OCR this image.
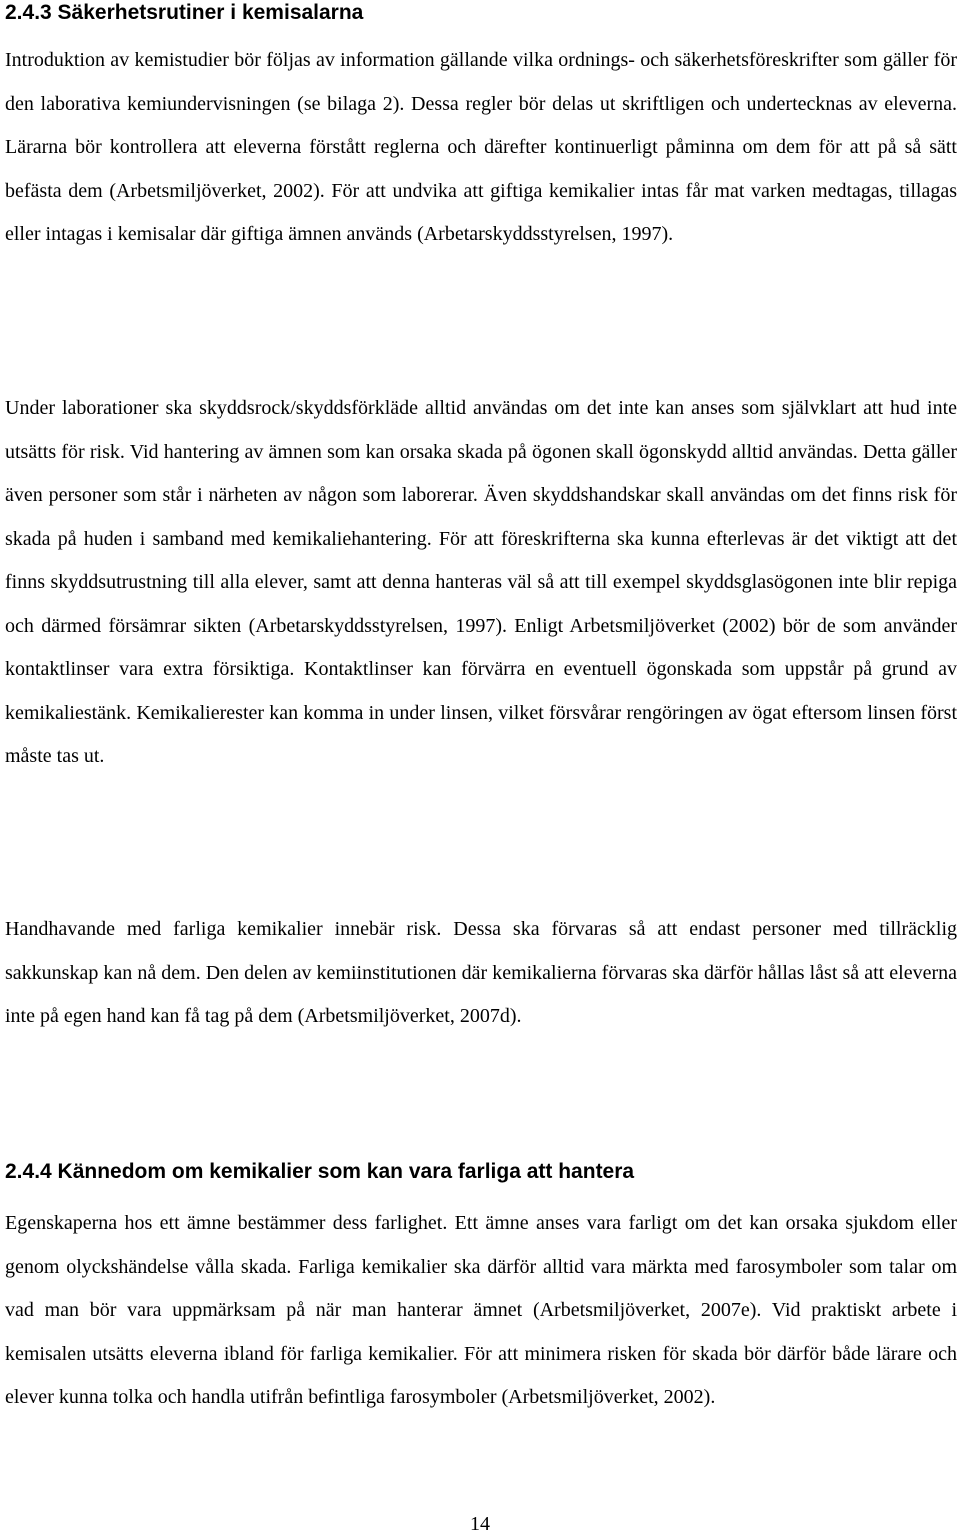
2.4.3 Säkerhetsrutiner i kemisalarna

Introduktion av kemistudier bör följas av information gällande vilka ordnings- och säkerhetsföreskrifter som gäller för den laborativa kemiundervisningen (se bilaga 2). Dessa regler bör delas ut skriftligen och undertecknas av eleverna. Lärarna bör kontrollera att eleverna förstått reglerna och därefter kontinuerligt påminna om dem för att på så sätt befästa dem (Arbetsmiljöverket, 2002). För att undvika att giftiga kemikalier intas får mat varken medtagas, tillagas eller intagas i kemisalar där giftiga ämnen används (Arbetarskyddsstyrelsen, 1997).

Under laborationer ska skyddsrock/skyddsförkläde alltid användas om det inte kan anses som självklart att hud inte utsätts för risk. Vid hantering av ämnen som kan orsaka skada på ögonen skall ögonskydd alltid användas. Detta gäller även personer som står i närheten av någon som laborerar. Även skyddshandskar skall användas om det finns risk för skada på huden i samband med kemikaliehantering. För att föreskrifterna ska kunna efterlevas är det viktigt att det finns skyddsutrustning till alla elever, samt att denna hanteras väl så att till exempel skyddsglasögonen inte blir repiga och därmed försämrar sikten (Arbetarskyddsstyrelsen, 1997). Enligt Arbetsmiljöverket (2002) bör de som använder kontaktlinser vara extra försiktiga. Kontaktlinser kan förvärra en eventuell ögonskada som uppstår på grund av kemikaliestänk. Kemikalierester kan komma in under linsen, vilket försvårar rengöringen av ögat eftersom linsen först måste tas ut.

Handhavande med farliga kemikalier innebär risk. Dessa ska förvaras så att endast personer med tillräcklig sakkunskap kan nå dem. Den delen av kemiinstitutionen där kemikalierna förvaras ska därför hållas låst så att eleverna inte på egen hand kan få tag på dem (Arbetsmiljöverket, 2007d).

2.4.4 Kännedom om kemikalier som kan vara farliga att hantera

Egenskaperna hos ett ämne bestämmer dess farlighet. Ett ämne anses vara farligt om det kan orsaka sjukdom eller genom olyckshändelse vålla skada. Farliga kemikalier ska därför alltid vara märkta med farosymboler som talar om vad man bör vara uppmärksam på när man hanterar ämnet (Arbetsmiljöverket, 2007e). Vid praktiskt arbete i kemisalen utsätts eleverna ibland för farliga kemikalier. För att minimera risken för skada bör därför både lärare och elever kunna tolka och handla utifrån befintliga farosymboler (Arbetsmiljöverket, 2002).

14
